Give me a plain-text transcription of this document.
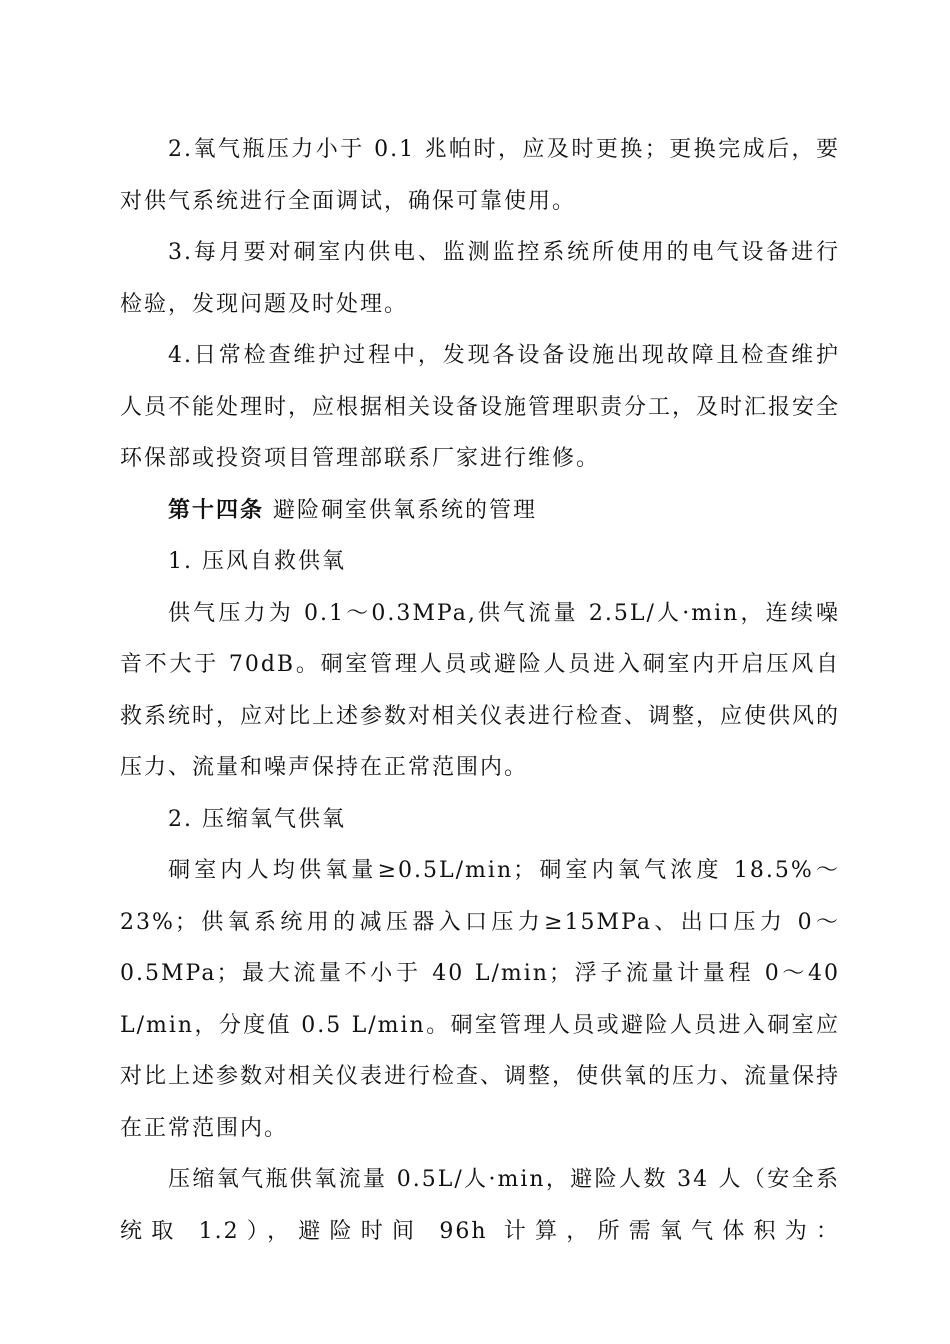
2.氧气瓶压力小于 0.1 兆帕时，应及时更换；更换完成后，要对供气系统进行全面调试，确保可靠使用。

3.每月要对硐室内供电、监测监控系统所使用的电气设备进行检验，发现问题及时处理。

4.日常检查维护过程中，发现各设备设施出现故障且检查维护人员不能处理时，应根据相关设备设施管理职责分工，及时汇报安全环保部或投资项目管理部联系厂家进行维修。

第十四条 避险硐室供氧系统的管理

1. 压风自救供氧

供气压力为 0.1～0.3MPa,供气流量 2.5L/人·min，连续噪音不大于 70dB。硐室管理人员或避险人员进入硐室内开启压风自救系统时，应对比上述参数对相关仪表进行检查、调整，应使供风的压力、流量和噪声保持在正常范围内。

2. 压缩氧气供氧

硐室内人均供氧量≥0.5L/min；硐室内氧气浓度 18.5%～23%；供氧系统用的减压器入口压力≥15MPa、出口压力 0～0.5MPa；最大流量不小于 40 L/min；浮子流量计量程 0～40 L/min，分度值 0.5 L/min。硐室管理人员或避险人员进入硐室应对比上述参数对相关仪表进行检查、调整，使供氧的压力、流量保持在正常范围内。

压缩氧气瓶供氧流量 0.5L/人·min，避险人数 34 人（安全系统取 1.2），避险时间 96h 计算，所需氧气体积为：
